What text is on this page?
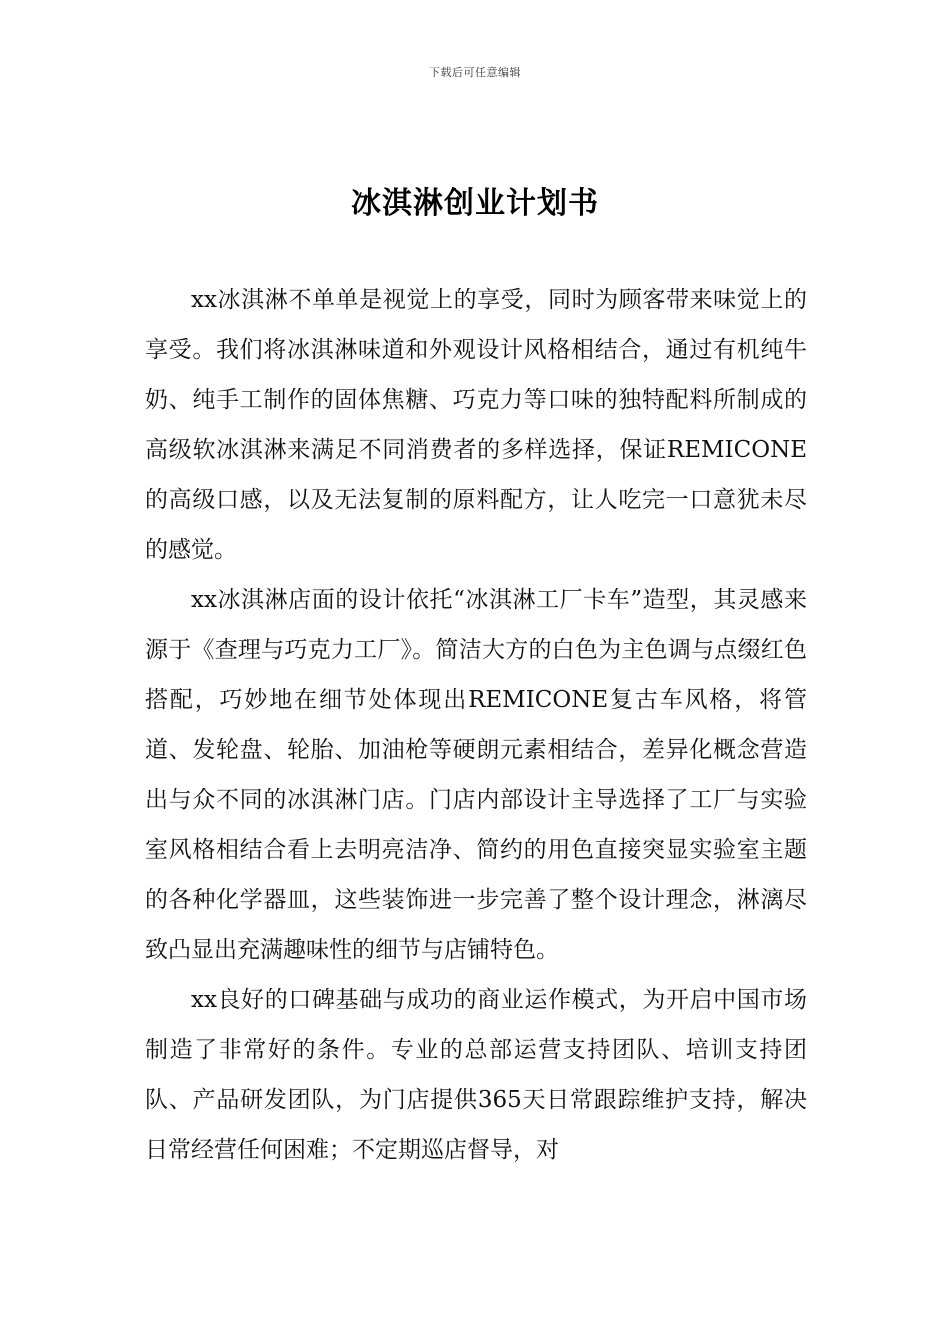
下载后可任意编辑
冰淇淋创业计划书

xx冰淇淋不单单是视觉上的享受，同时为顾客带来味觉上的享受。我们将冰淇淋味道和外观设计风格相结合，通过有机纯牛奶、纯手工制作的固体焦糖、巧克力等口味的独特配料所制成的高级软冰淇淋来满足不同消费者的多样选择，保证REMICONE的高级口感，以及无法复制的原料配方，让人吃完一口意犹未尽的感觉。

xx冰淇淋店面的设计依托“冰淇淋工厂卡车”造型，其灵感来源于《查理与巧克力工厂》。简洁大方的白色为主色调与点缀红色搭配，巧妙地在细节处体现出REMICONE复古车风格，将管道、发轮盘、轮胎、加油枪等硬朗元素相结合，差异化概念营造出与众不同的冰淇淋门店。门店内部设计主导选择了工厂与实验室风格相结合看上去明亮洁净、简约的用色直接突显实验室主题的各种化学器皿，这些装饰进一步完善了整个设计理念，淋漓尽致凸显出充满趣味性的细节与店铺特色。

xx良好的口碑基础与成功的商业运作模式，为开启中国市场制造了非常好的条件。专业的总部运营支持团队、培训支持团队、产品研发团队，为门店提供365天日常跟踪维护支持，解决日常经营任何困难；不定期巡店督导，对
